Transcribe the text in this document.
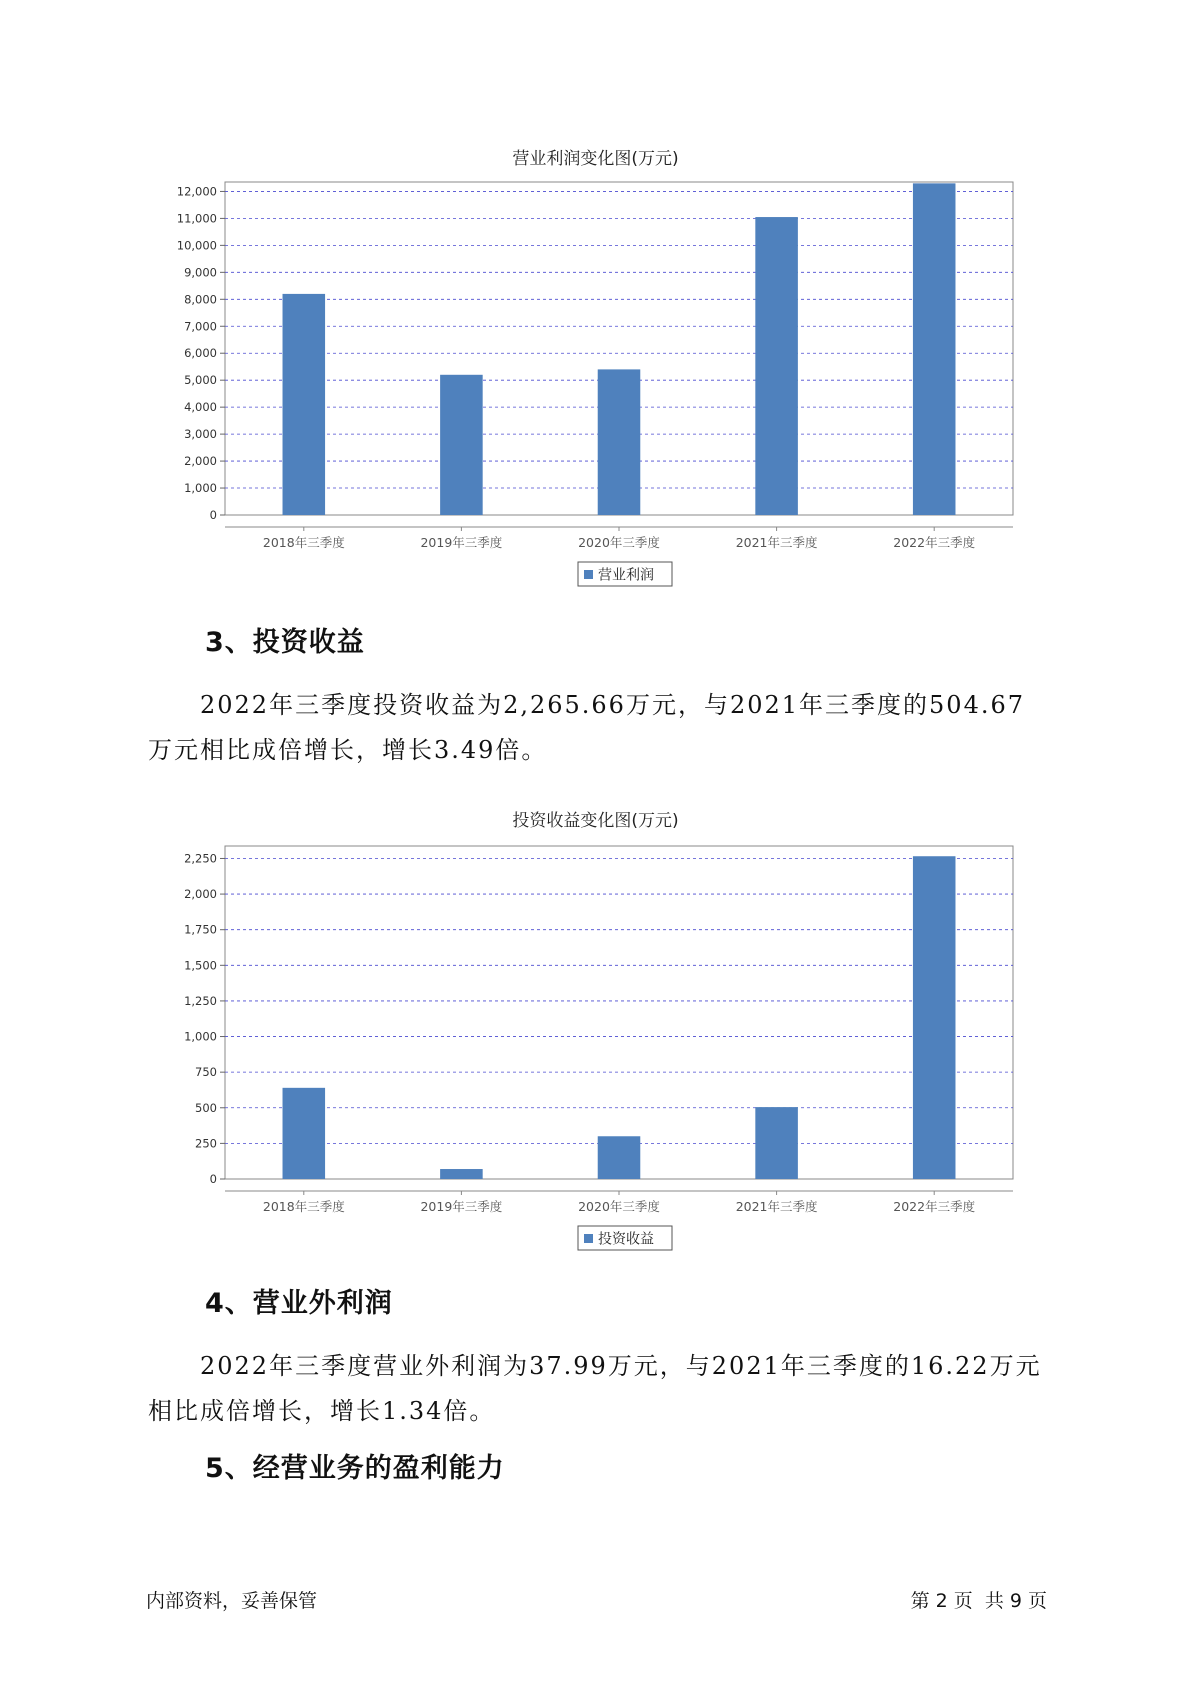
营业利润变化图(万元)
0
1,000
2,000
3,000
4,000
5,000
6,000
7,000
8,000
9,000
10,000
11,000
12,000
2018年三季度	2019年三季度	2020年三季度	2021年三季度	2022年三季度
营业利润
3、投资收益

2022年三季度投资收益为2,265.66万元，与2021年三季度的504.67万元相比成倍增长，增长3.49倍。

投资收益变化图(万元)
0
250
500
750
1,000
1,250
1,500
1,750
2,000
2,250
2018年三季度	2019年三季度	2020年三季度	2021年三季度	2022年三季度
投资收益
4、营业外利润

2022年三季度营业外利润为37.99万元，与2021年三季度的16.22万元相比成倍增长，增长1.34倍。

5、经营业务的盈利能力
内部资料，妥善保管	第 2 页  共 9 页
